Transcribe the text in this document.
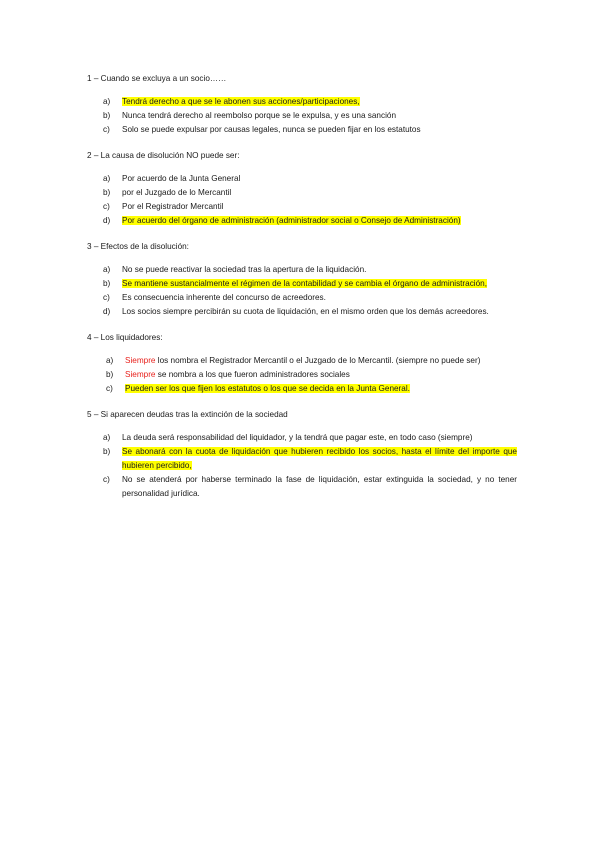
1 – Cuando se excluya a un socio……

a) Tendrá derecho a que se le abonen sus acciones/participaciones,
b) Nunca tendrá derecho al reembolso porque se le expulsa, y es una sanción
c) Solo se puede expulsar por causas legales, nunca se pueden fijar en los estatutos

2 – La causa de disolución NO puede ser:

a) Por acuerdo de la Junta General
b) por el Juzgado de lo Mercantil
c) Por el Registrador Mercantil
d) Por acuerdo del órgano de administración (administrador social o Consejo de Administración)

3 – Efectos de la disolución:

a) No se puede reactivar la sociedad tras la apertura de la liquidación.
b) Se mantiene sustancialmente el régimen de la contabilidad y se cambia el órgano de administración,
c) Es consecuencia inherente del concurso de acreedores.
d) Los socios siempre percibirán su cuota de liquidación, en el mismo orden que los demás acreedores.

4 – Los liquidadores:

a) Siempre los nombra el Registrador Mercantil o el Juzgado de lo Mercantil. (siempre no puede ser)
b) Siempre se nombra a los que fueron administradores sociales
c) Pueden ser los que fijen los estatutos o los que se decida en la Junta General.

5 – Si aparecen deudas tras la extinción de la sociedad

a) La deuda será responsabilidad del liquidador, y la tendrá que pagar este, en todo caso (siempre)
b) Se abonará con la cuota de liquidación que hubieren recibido los socios, hasta el límite del importe que hubieren percibido,
c) No se atenderá por haberse terminado la fase de liquidación, estar extinguida la sociedad, y no tener personalidad jurídica.
